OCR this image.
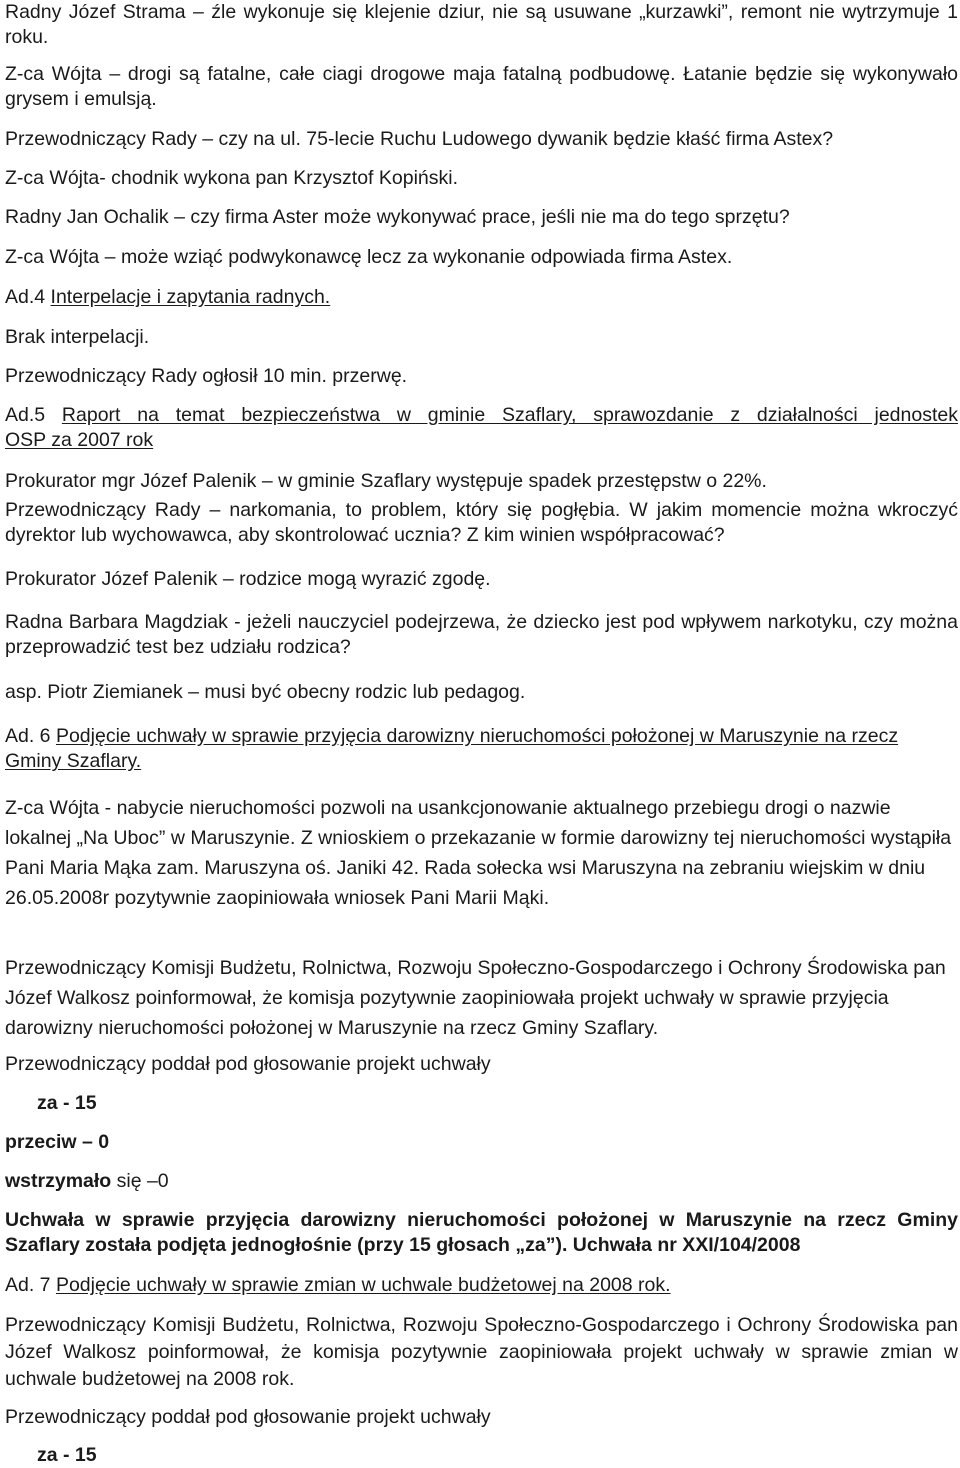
Radny Józef Strama – źle wykonuje się klejenie dziur, nie są usuwane „kurzawki”, remont nie wytrzymuje 1 roku.

Z-ca Wójta – drogi są fatalne, całe ciagi drogowe maja fatalną podbudowę. Łatanie będzie się wykonywało grysem i emulsją.

Przewodniczący Rady – czy na ul. 75-lecie Ruchu Ludowego dywanik będzie kłaść firma Astex?

Z-ca Wójta- chodnik wykona pan Krzysztof Kopiński.

Radny Jan Ochalik – czy firma Aster może wykonywać prace, jeśli nie ma do tego sprzętu?

Z-ca Wójta – może wziąć podwykonawcę lecz za wykonanie odpowiada firma Astex.

Ad.4 Interpelacje i zapytania radnych.

Brak interpelacji.

Przewodniczący Rady ogłosił 10 min. przerwę.

Ad.5 Raport na temat bezpieczeństwa w gminie Szaflary, sprawozdanie z działalności jednostek
OSP za 2007 rok

Prokurator mgr Józef Palenik – w gminie Szaflary występuje spadek przestępstw o 22%.

Przewodniczący Rady – narkomania, to problem, który się pogłębia. W jakim momencie można wkroczyć dyrektor lub wychowawca, aby skontrolować ucznia? Z kim winien współpracować?

Prokurator Józef Palenik – rodzice mogą wyrazić zgodę.

Radna Barbara Magdziak - jeżeli nauczyciel podejrzewa, że dziecko jest pod wpływem narkotyku, czy można przeprowadzić test bez udziału rodzica?

asp. Piotr Ziemianek – musi być obecny rodzic lub pedagog.

Ad. 6 Podjęcie uchwały w sprawie przyjęcia darowizny nieruchomości położonej w Maruszynie na rzecz Gminy Szaflary.

Z-ca Wójta - nabycie nieruchomości pozwoli na usankcjonowanie aktualnego przebiegu drogi o nazwie lokalnej „Na Uboc” w Maruszynie. Z wnioskiem o przekazanie w formie darowizny tej nieruchomości wystąpiła Pani Maria Mąka zam. Maruszyna oś. Janiki 42. Rada sołecka wsi Maruszyna na zebraniu wiejskim w dniu 26.05.2008r pozytywnie zaopiniowała wniosek Pani Marii Mąki.

Przewodniczący Komisji Budżetu, Rolnictwa, Rozwoju Społeczno-Gospodarczego i Ochrony Środowiska pan Józef Walkosz poinformował, że komisja pozytywnie zaopiniowała projekt uchwały w sprawie przyjęcia darowizny nieruchomości położonej w Maruszynie na rzecz Gminy Szaflary.

Przewodniczący poddał pod głosowanie projekt uchwały

za - 15
przeciw – 0
wstrzymało się –0

Uchwała w sprawie przyjęcia darowizny nieruchomości położonej w Maruszynie na rzecz Gminy Szaflary została podjęta jednogłośnie (przy 15 głosach „za”). Uchwała nr XXI/104/2008

Ad. 7 Podjęcie uchwały w sprawie zmian w uchwale budżetowej na 2008 rok.

Przewodniczący Komisji Budżetu, Rolnictwa, Rozwoju Społeczno-Gospodarczego i Ochrony Środowiska pan Józef Walkosz poinformował, że komisja pozytywnie zaopiniowała projekt uchwały w sprawie zmian w uchwale budżetowej na 2008 rok.

Przewodniczący poddał pod głosowanie projekt uchwały

za - 15
